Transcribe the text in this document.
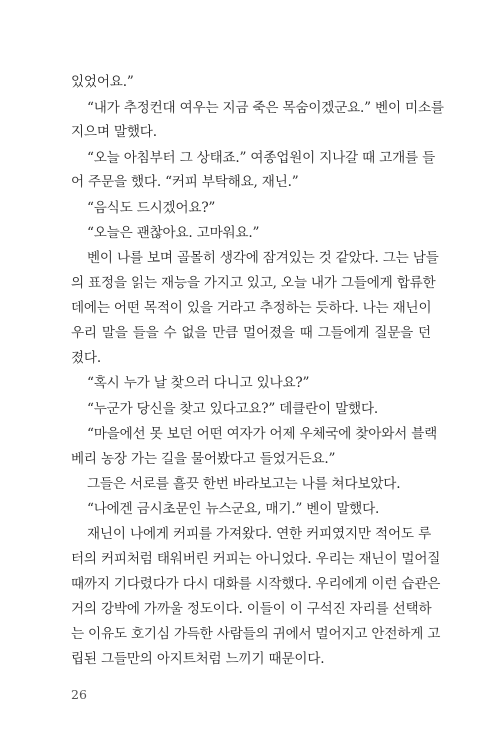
있었어요.”
“내가 추정컨대 여우는 지금 죽은 목숨이겠군요.” 벤이 미소를
지으며 말했다.
“오늘 아침부터 그 상태죠.” 여종업원이 지나갈 때 고개를 들
어 주문을 했다. “커피 부탁해요, 재닌.”
“음식도 드시겠어요?”
“오늘은 괜찮아요. 고마워요.”
벤이 나를 보며 골몰히 생각에 잠겨있는 것 같았다. 그는 남들
의 표정을 읽는 재능을 가지고 있고, 오늘 내가 그들에게 합류한
데에는 어떤 목적이 있을 거라고 추정하는 듯하다. 나는 재닌이
우리 말을 들을 수 없을 만큼 멀어졌을 때 그들에게 질문을 던
졌다.
“혹시 누가 날 찾으러 다니고 있나요?”
“누군가 당신을 찾고 있다고요?” 데클란이 말했다.
“마을에선 못 보던 어떤 여자가 어제 우체국에 찾아와서 블랙
베리 농장 가는 길을 물어봤다고 들었거든요.”
그들은 서로를 흘끗 한번 바라보고는 나를 쳐다보았다.
“나에겐 금시초문인 뉴스군요, 매기.” 벤이 말했다.
재닌이 나에게 커피를 가져왔다. 연한 커피였지만 적어도 루
터의 커피처럼 태워버린 커피는 아니었다. 우리는 재닌이 멀어질
때까지 기다렸다가 다시 대화를 시작했다. 우리에게 이런 습관은
거의 강박에 가까울 정도이다. 이들이 이 구석진 자리를 선택하
는 이유도 호기심 가득한 사람들의 귀에서 멀어지고 안전하게 고
립된 그들만의 아지트처럼 느끼기 때문이다.
26
